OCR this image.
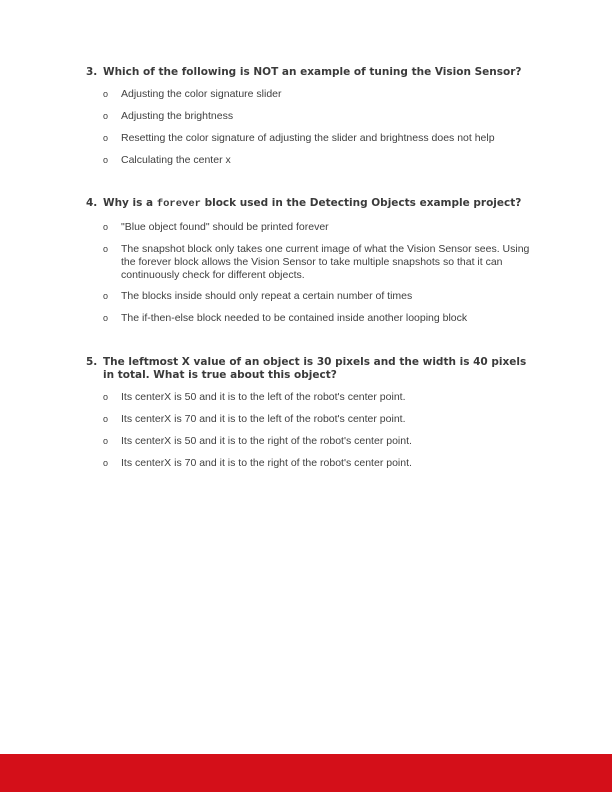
3. Which of the following is NOT an example of tuning the Vision Sensor?
o	Adjusting the color signature slider
o	Adjusting the brightness
o	Resetting the color signature of adjusting the slider and brightness does not help
o	Calculating the center x
4. Why is a forever block used in the Detecting Objects example project?
o	"Blue object found" should be printed forever
o	The snapshot block only takes one current image of what the Vision Sensor sees. Using the forever block allows the Vision Sensor to take multiple snapshots so that it can continuously check for different objects.
o	The blocks inside should only repeat a certain number of times
o	The if-then-else block needed to be contained inside another looping block
5. The leftmost X value of an object is 30 pixels and the width is 40 pixels in total. What is true about this object?
o	Its centerX is 50 and it is to the left of the robot's center point.
o	Its centerX is 70 and it is to the left of the robot's center point.
o	Its centerX is 50 and it is to the right of the robot's center point.
o	Its centerX is 70 and it is to the right of the robot's center point.
